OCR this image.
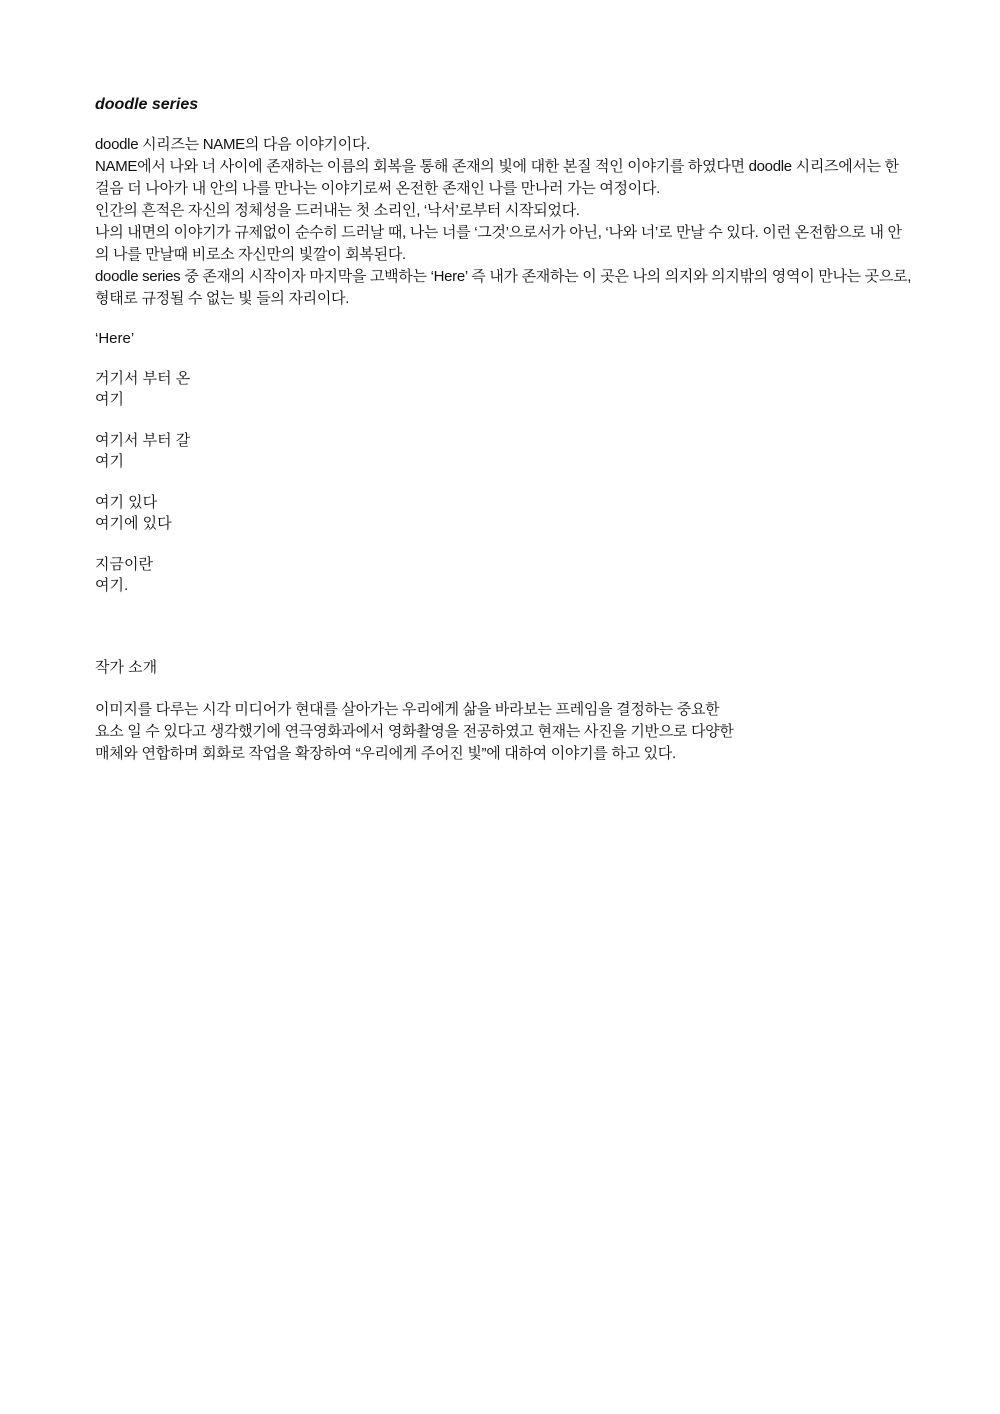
doodle series

doodle 시리즈는 NAME의 다음 이야기이다.

NAME에서 나와 너 사이에 존재하는 이름의 회복을 통해 존재의 빛에 대한 본질 적인 이야기를 하였다면 doodle 시리즈에서는 한 걸음 더 나아가 내 안의 나를 만나는 이야기로써 온전한 존재인 나를 만나러 가는 여정이다.

인간의 흔적은 자신의 정체성을 드러내는 첫 소리인, ‘낙서’로부터 시작되었다.

나의 내면의 이야기가 규제없이 순수히 드러날 때, 나는 너를 ‘그것’으로서가 아닌, ‘나와 너’로 만날 수 있다. 이런 온전함으로 내 안의 나를 만날때 비로소 자신만의 빛깔이 회복된다.

doodle series 중 존재의 시작이자 마지막을 고백하는 ‘Here’ 즉 내가 존재하는 이 곳은 나의 의지와 의지밖의 영역이 만나는 곳으로, 형태로 규정될 수 없는 빛 들의 자리이다.

‘Here’
거기서 부터 온
여기
여기서 부터 갈
여기
여기 있다
여기에 있다
지금이란
여기.
작가 소개
이미지를 다루는 시각 미디어가 현대를 살아가는 우리에게 삶을 바라보는 프레임을 결정하는 중요한
요소 일 수 있다고 생각했기에 연극영화과에서 영화촬영을 전공하였고 현재는 사진을 기반으로 다양한
매체와 연합하며 회화로 작업을 확장하여 “우리에게 주어진 빛”에 대하여 이야기를 하고 있다.
